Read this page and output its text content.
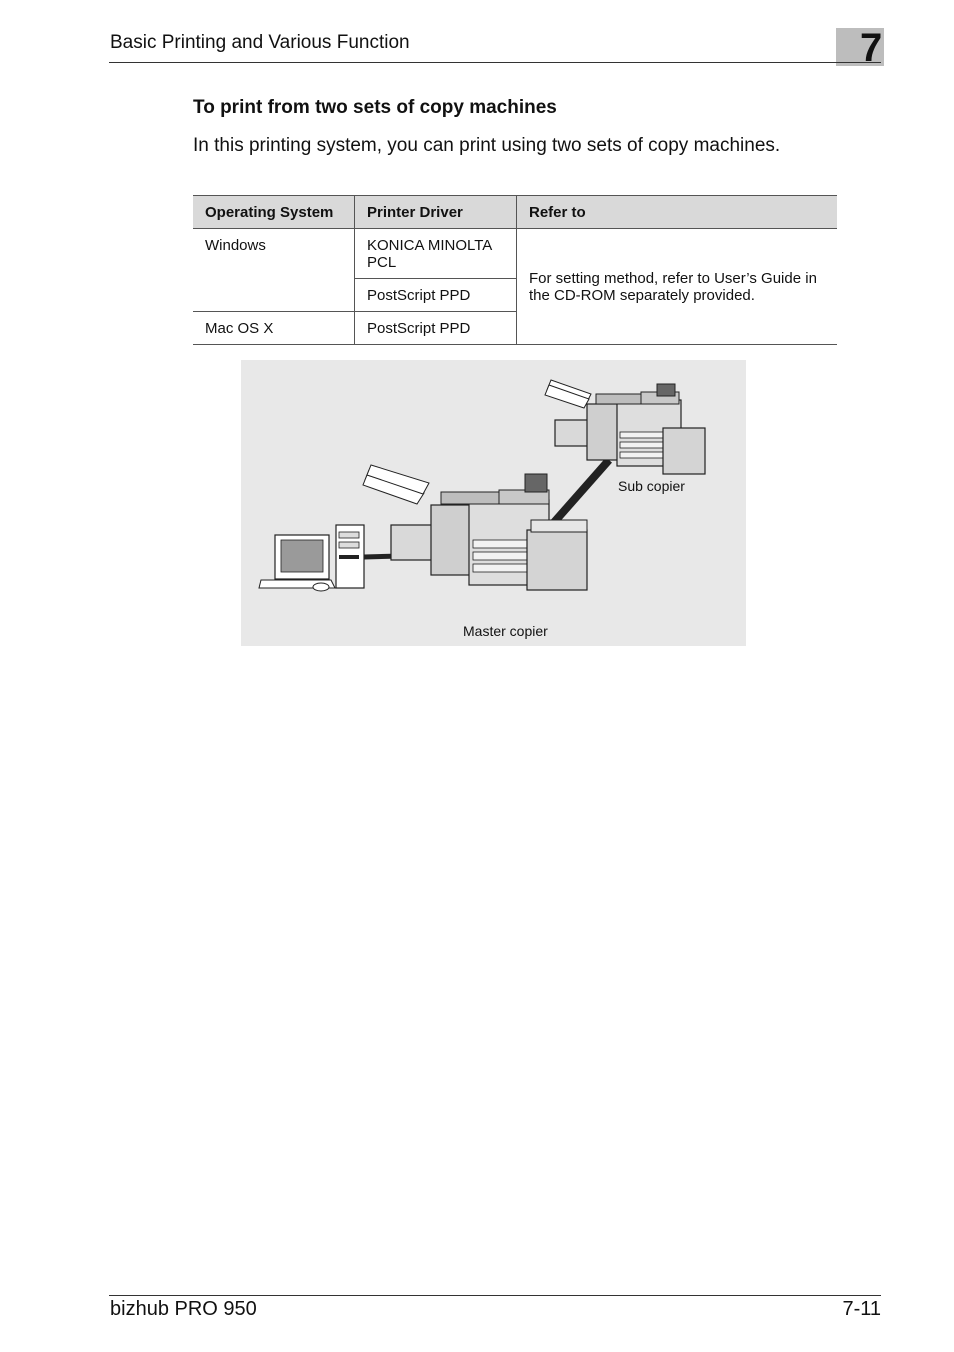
Basic Printing and Various Function	7
To print from two sets of copy machines
In this printing system, you can print using two sets of copy machines.
Operating System	Printer Driver	Refer to
Windows	KONICA MINOLTA PCL	For setting method, refer to User’s Guide in the CD-ROM separately provided.
	PostScript PPD	
Mac OS X	PostScript PPD	
Sub copier
Master copier
bizhub PRO 950	7-11
